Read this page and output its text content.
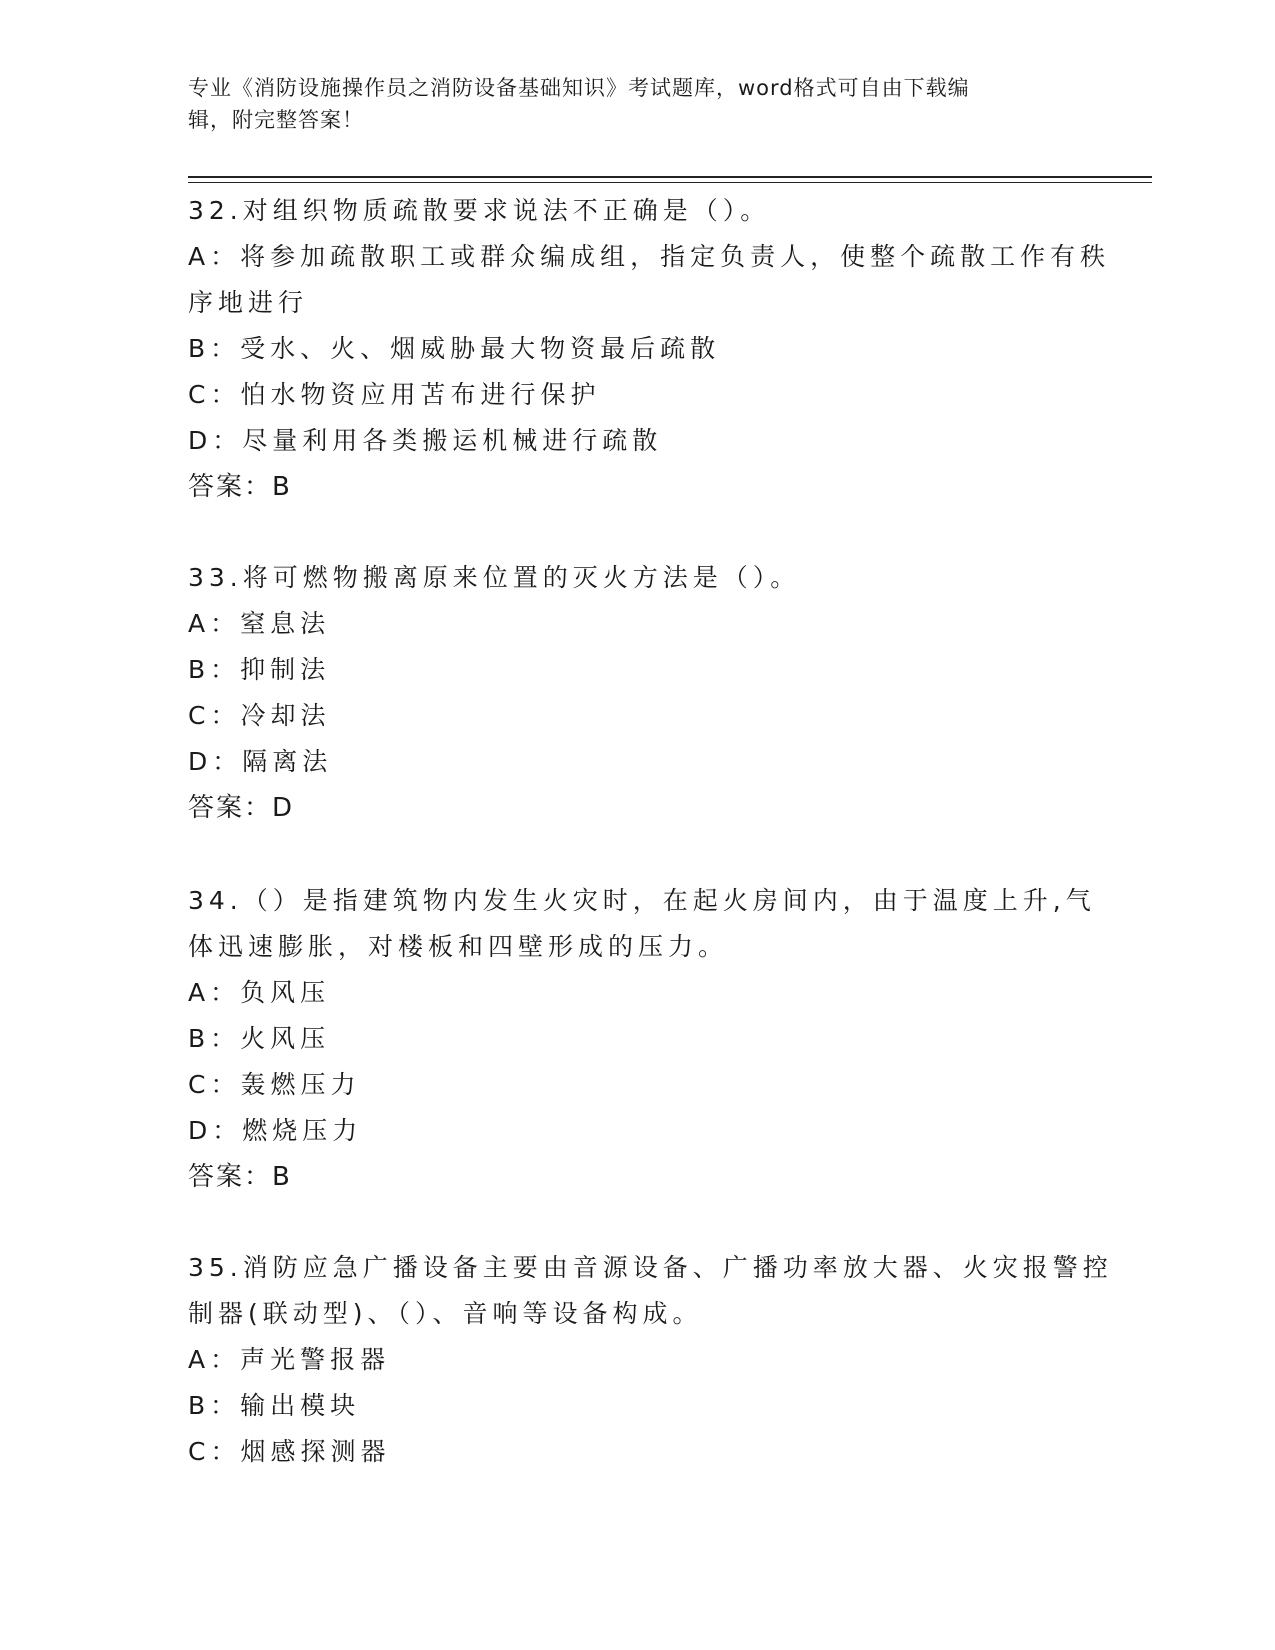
专业《消防设施操作员之消防设备基础知识》考试题库，word格式可自由下载编
辑，附完整答案！
32.对组织物质疏散要求说法不正确是（）。
A：将参加疏散职工或群众编成组，指定负责人，使整个疏散工作有秩
序地进行
B：受水、火、烟威胁最大物资最后疏散
C：怕水物资应用苫布进行保护
D：尽量利用各类搬运机械进行疏散
答案：B
33.将可燃物搬离原来位置的灭火方法是（）。
A：窒息法
B：抑制法
C：冷却法
D：隔离法
答案：D
34.（）是指建筑物内发生火灾时，在起火房间内，由于温度上升,气
体迅速膨胀，对楼板和四壁形成的压力。
A：负风压
B：火风压
C：轰燃压力
D：燃烧压力
答案：B
35.消防应急广播设备主要由音源设备、广播功率放大器、火灾报警控
制器(联动型)、（）、音响等设备构成。
A：声光警报器
B：输出模块
C：烟感探测器
